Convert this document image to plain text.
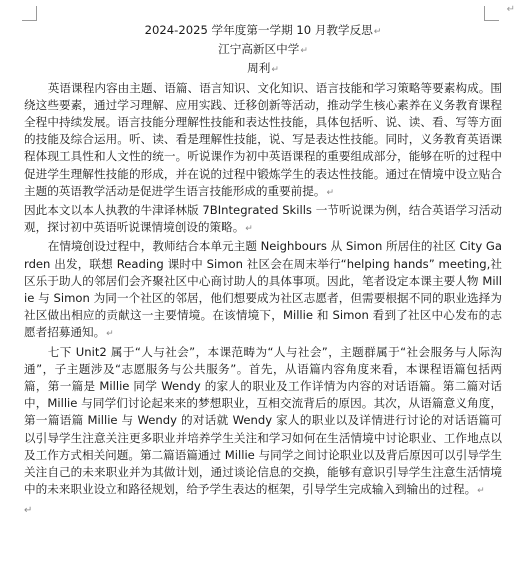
↵
2024-2025 学年度第一学期 10 月教学反思↵
江宁高新区中学↵
周利↵

英语课程内容由主题、语篇、语言知识、文化知识、语言技能和学习策略等要素构成。围绕这些要素，通过学习理解、应用实践、迁移创新等活动，推动学生核心素养在义务教育课程全程中持续发展。语言技能分理解性技能和表达性技能，具体包括听、说、读、看、写等方面的技能及综合运用。听、读、看是理解性技能，说、写是表达性技能。同时，义务教育英语课程体现工具性和人文性的统一。听说课作为初中英语课程的重要组成部分，能够在听的过程中促进学生理解性技能的形成，并在说的过程中锻炼学生的表达性技能。通过在情境中设立贴合主题的英语教学活动是促进学生语言技能形成的重要前提。↵

因此本文以本人执教的牛津译林版 7BIntegrated Skills 一节听说课为例，结合英语学习活动观，探讨初中英语听说课情境创设的策略。↵

在情境创设过程中，教师结合本单元主题 Neighbours 从 Simon 所居住的社区 City Garden 出发，联想 Reading 课时中 Simon 社区会在周末举行“helping hands” meeting,社区乐于助人的邻居们会齐聚社区中心商讨助人的具体事项。因此，笔者设定本课主要人物 Millie 与 Simon 为同一个社区的邻居，他们想要成为社区志愿者，但需要根据不同的职业选择为社区做出相应的贡献这一主要情境。在该情境下，Millie 和 Simon 看到了社区中心发布的志愿者招募通知。↵

七下 Unit2 属于“人与社会”，本课范畴为“人与社会”，主题群属于“社会服务与人际沟通”，子主题涉及“志愿服务与公共服务”。首先，从语篇内容角度来看，本课程语篇包括两篇，第一篇是 Millie 同学 Wendy 的家人的职业及工作详情为内容的对话语篇。第二篇对话中，Millie 与同学们讨论起来来的梦想职业，互相交流背后的原因。其次，从语篇意义角度，第一篇语篇 Millie 与 Wendy 的对话就 Wendy 家人的职业以及详情进行讨论的对话语篇可以引导学生注意关注更多职业并培养学生关注和学习如何在生活情境中讨论职业、工作地点以及工作方式相关问题。第二篇语篇通过 Millie 与同学之间讨论职业以及背后原因可以引导学生关注自己的未来职业并为其做计划，通过谈论信息的交换，能够有意识引导学生注意生活情境中的未来职业设立和路径规划，给予学生表达的框架，引导学生完成输入到输出的过程。↵

↵
